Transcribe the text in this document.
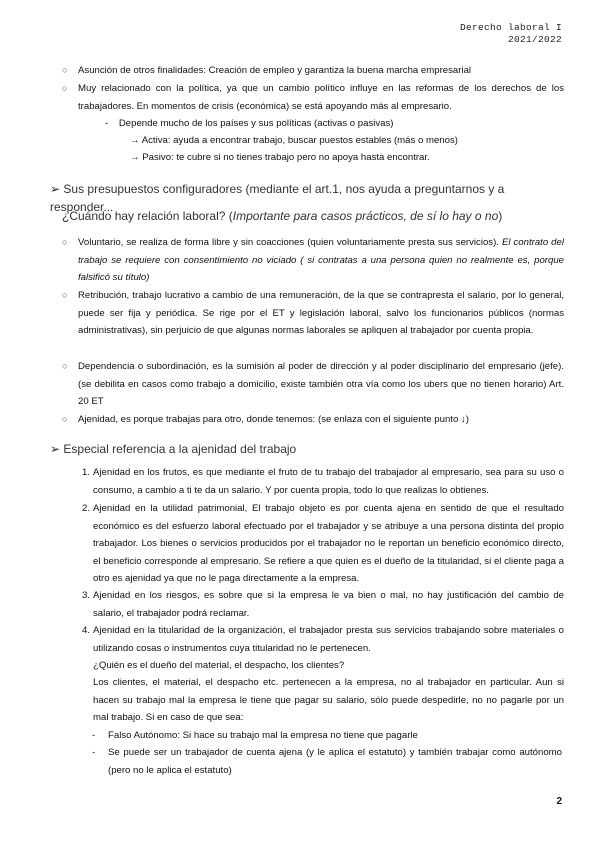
Derecho laboral I
2021/2022
○ Asunción de otros finalidades: Creación de empleo y garantiza la buena marcha empresarial
○ Muy relacionado con la política, ya que un cambio político influye en las reformas de los derechos de los trabajadores. En momentos de crisis (económica) se está apoyando más al empresario.
- Depende mucho de los países y sus políticas (activas o pasivas)
→ Activa: ayuda a encontrar trabajo, buscar puestos estables (más o menos)
→ Pasivo: te cubre si no tienes trabajo pero no apoya hasta encontrar.
➢ Sus presupuestos configuradores (mediante el art.1, nos ayuda a preguntarnos y a responder...
¿Cuándo hay relación laboral? (Importante para casos prácticos, de sí lo hay o no)
○ Voluntario, se realiza de forma libre y sin coacciones (quien voluntariamente presta sus servicios). El contrato del trabajo se requiere con consentimiento no viciado ( si contratas a una persona quien no realmente es, porque falsificó su título)
○ Retribución, trabajo lucrativo a cambio de una remuneración, de la que se contrapresta el salario, por lo general, puede ser fija y periódica. Se rige por el ET y legislación laboral, salvo los funcionarios públicos (normas administrativas), sin perjuicio de que algunas normas laborales se apliquen al trabajador por cuenta propia.
○ Dependencia o subordinación, es la sumisión al poder de dirección y al poder disciplinario del empresario (jefe). (se debilita en casos como trabajo a domicilio, existe también otra vía como los ubers que no tienen horario) Art. 20 ET
○ Ajenidad, es porque trabajas para otro, donde tenemos: (se enlaza con el siguiente punto ↓)
➢ Especial referencia a la ajenidad del trabajo
1. Ajenidad en los frutos, es que mediante el fruto de tu trabajo del trabajador al empresario, sea para su uso o consumo, a cambio a ti te da un salario. Y por cuenta propia, todo lo que realizas lo obtienes.
2. Ajenidad en la utilidad patrimonial, El trabajo objeto es por cuenta ajena en sentido de que el resultado económico es del esfuerzo laboral efectuado por el trabajador y se atribuye a una persona distinta del propio trabajador. Los bienes o servicios producidos por el trabajador no le reportan un beneficio económico directo, el beneficio corresponde al empresario. Se refiere a que quien es el dueño de la titularidad, si el cliente paga a otro es ajenidad ya que no le paga directamente a la empresa.
3. Ajenidad en los riesgos, es sobre que si la empresa le va bien o mal, no hay justificación del cambio de salario, el trabajador podrá reclamar.
4. Ajenidad en la titularidad de la organización, el trabajador presta sus servicios trabajando sobre materiales o utilizando cosas o instrumentos cuya titularidad no le pertenecen.
¿Quién es el dueño del material, el despacho, los clientes?
Los clientes, el material, el despacho etc. pertenecen a la empresa, no al trabajador en particular. Aun si hacen su trabajo mal la empresa le tiene que pagar su salario, sólo puede despedirle, no no pagarle por un mal trabajo. Si en caso de que sea:
- Falso Autónomo: Si hace su trabajo mal la empresa no tiene que pagarle
- Se puede ser un trabajador de cuenta ajena (y le aplica el estatuto) y también trabajar como autónomo (pero no le aplica el estatuto)
2
